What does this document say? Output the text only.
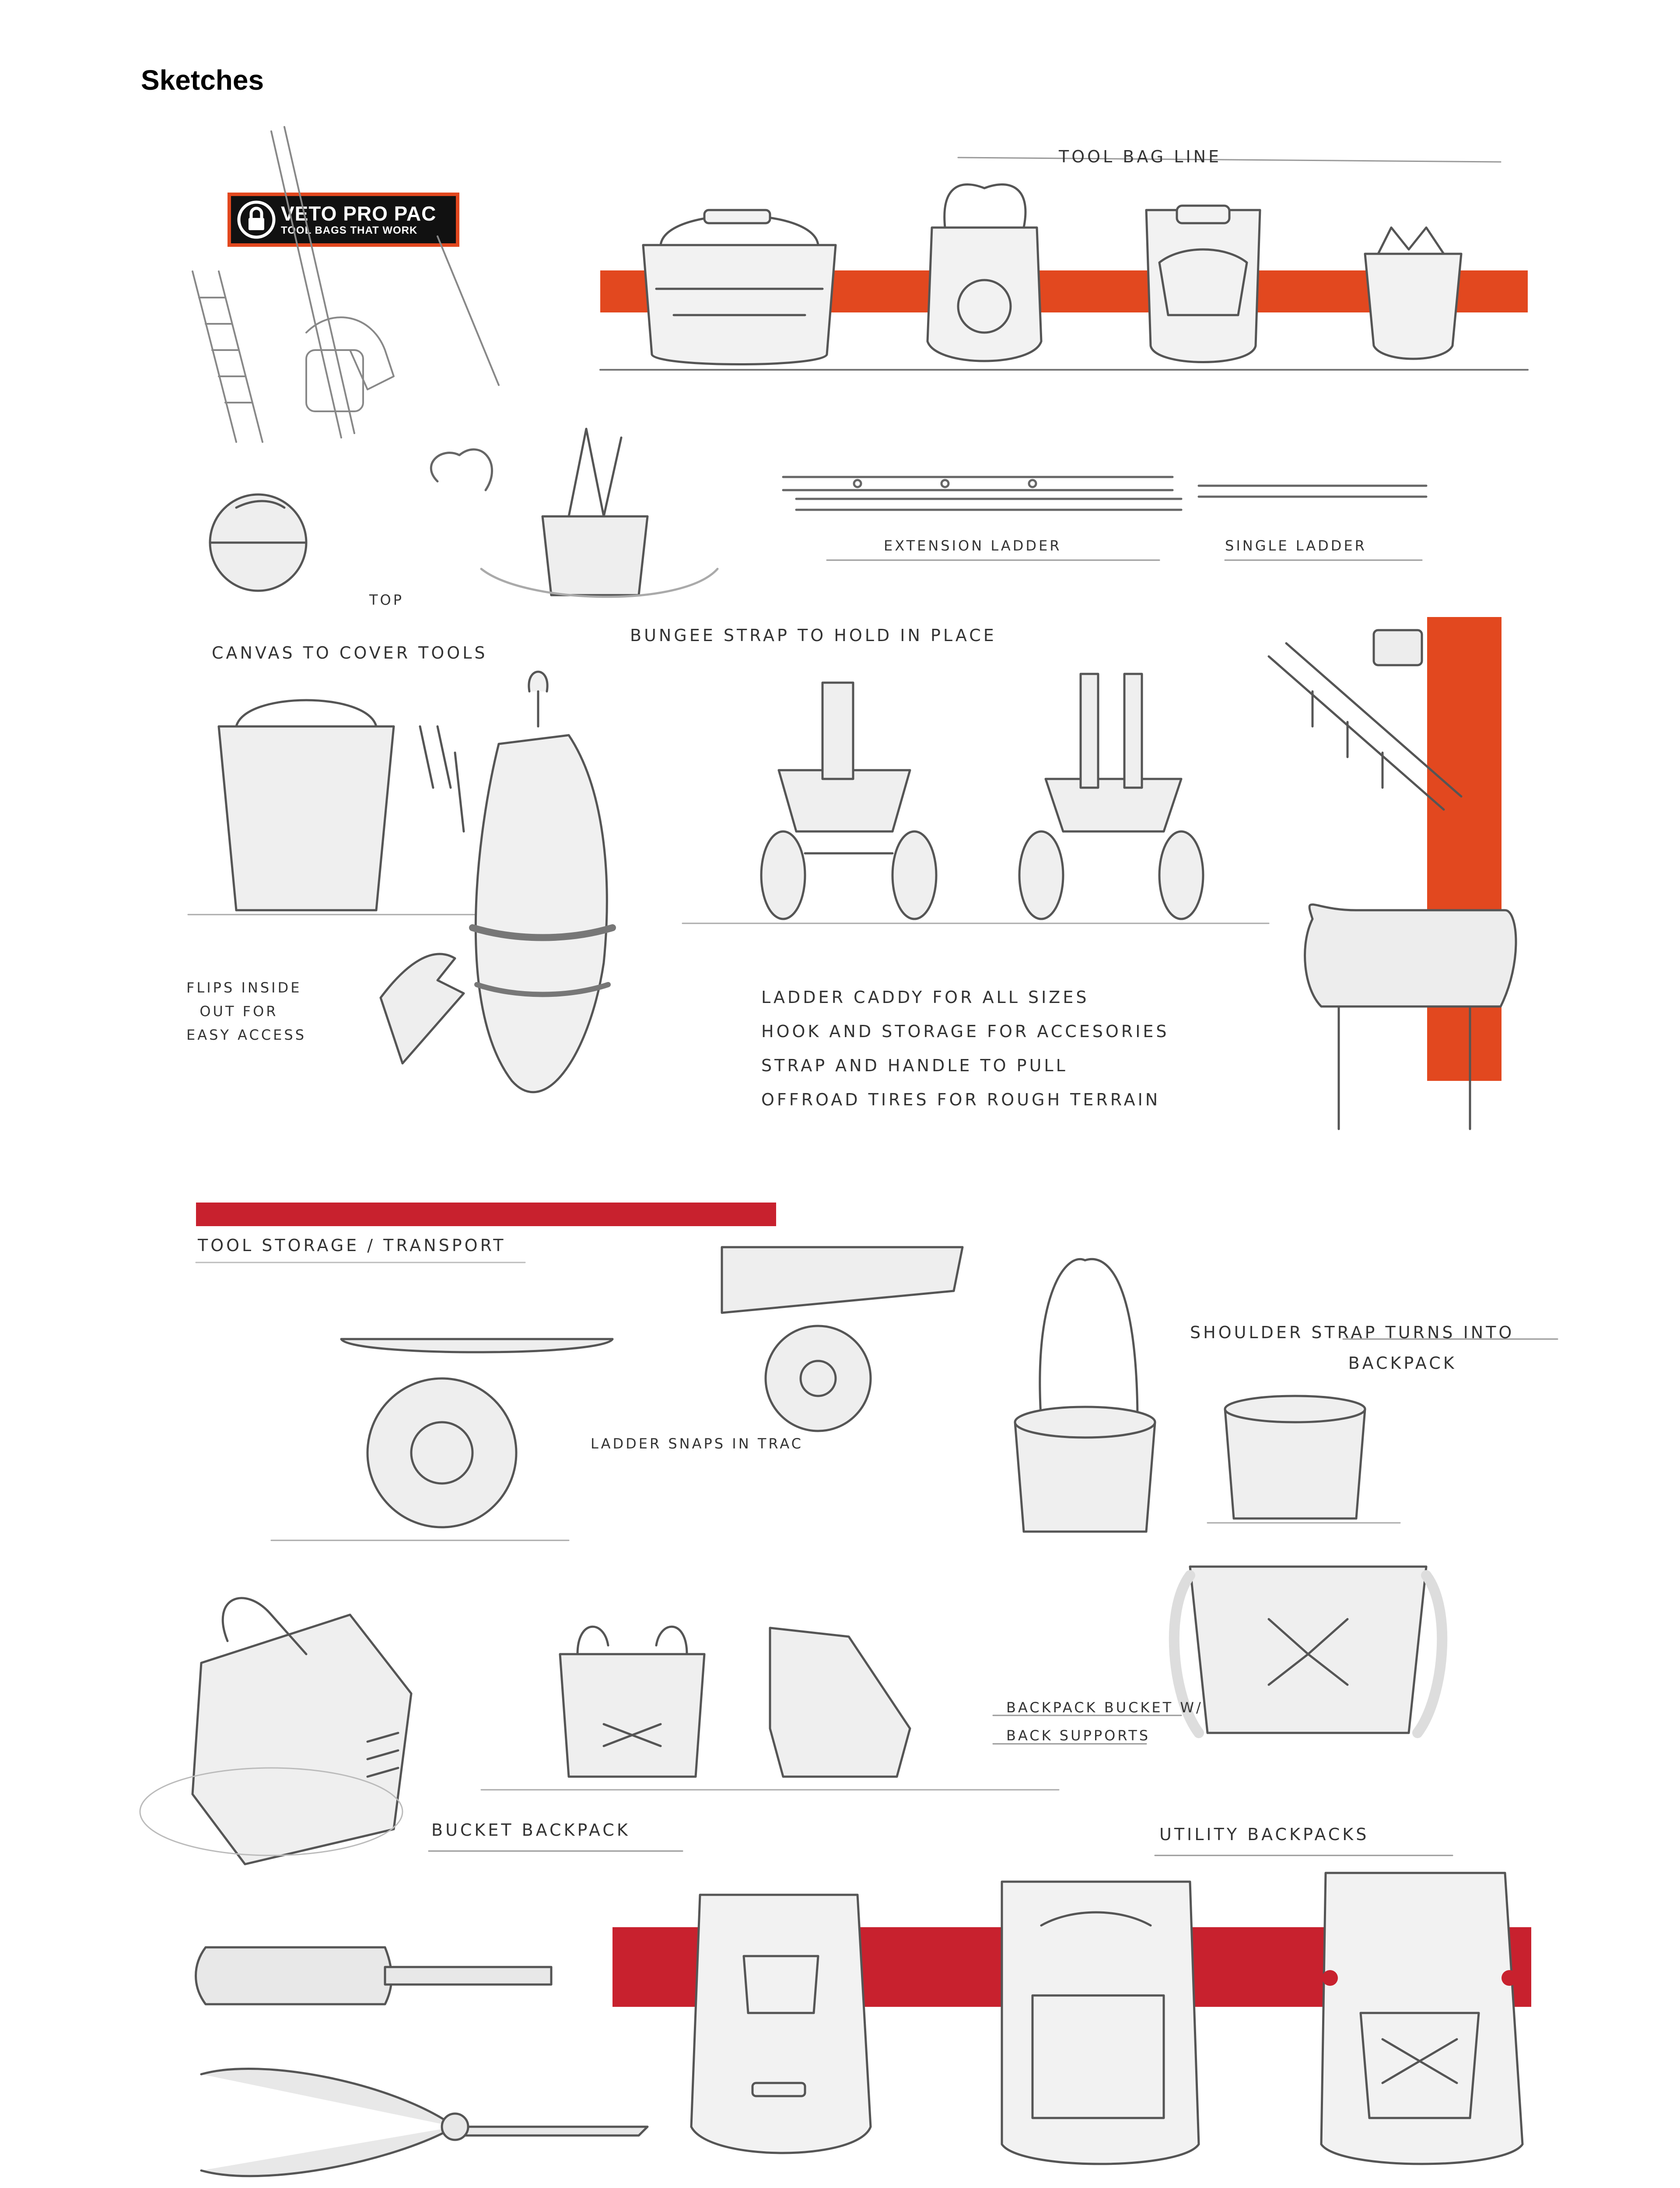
Sketches
VETO PRO PAC
TOOL BAGS THAT WORK
TOOL BAG LINE
TOP
EXTENSION LADDER	SINGLE LADDER
BUNGEE STRAP TO HOLD IN PLACE
CANVAS TO COVER TOOLS
FLIPS INSIDE
OUT FOR
EASY ACCESS
LADDER CADDY FOR ALL SIZES
HOOK AND STORAGE FOR ACCESORIES
STRAP AND HANDLE TO PULL
OFFROAD TIRES FOR ROUGH TERRAIN
TOOL STORAGE / TRANSPORT
LADDER SNAPS IN TRAC
SHOULDER STRAP TURNS INTO
BACKPACK
BACKPACK BUCKET W/
BACK SUPPORTS
BUCKET BACKPACK	UTILITY BACKPACKS
